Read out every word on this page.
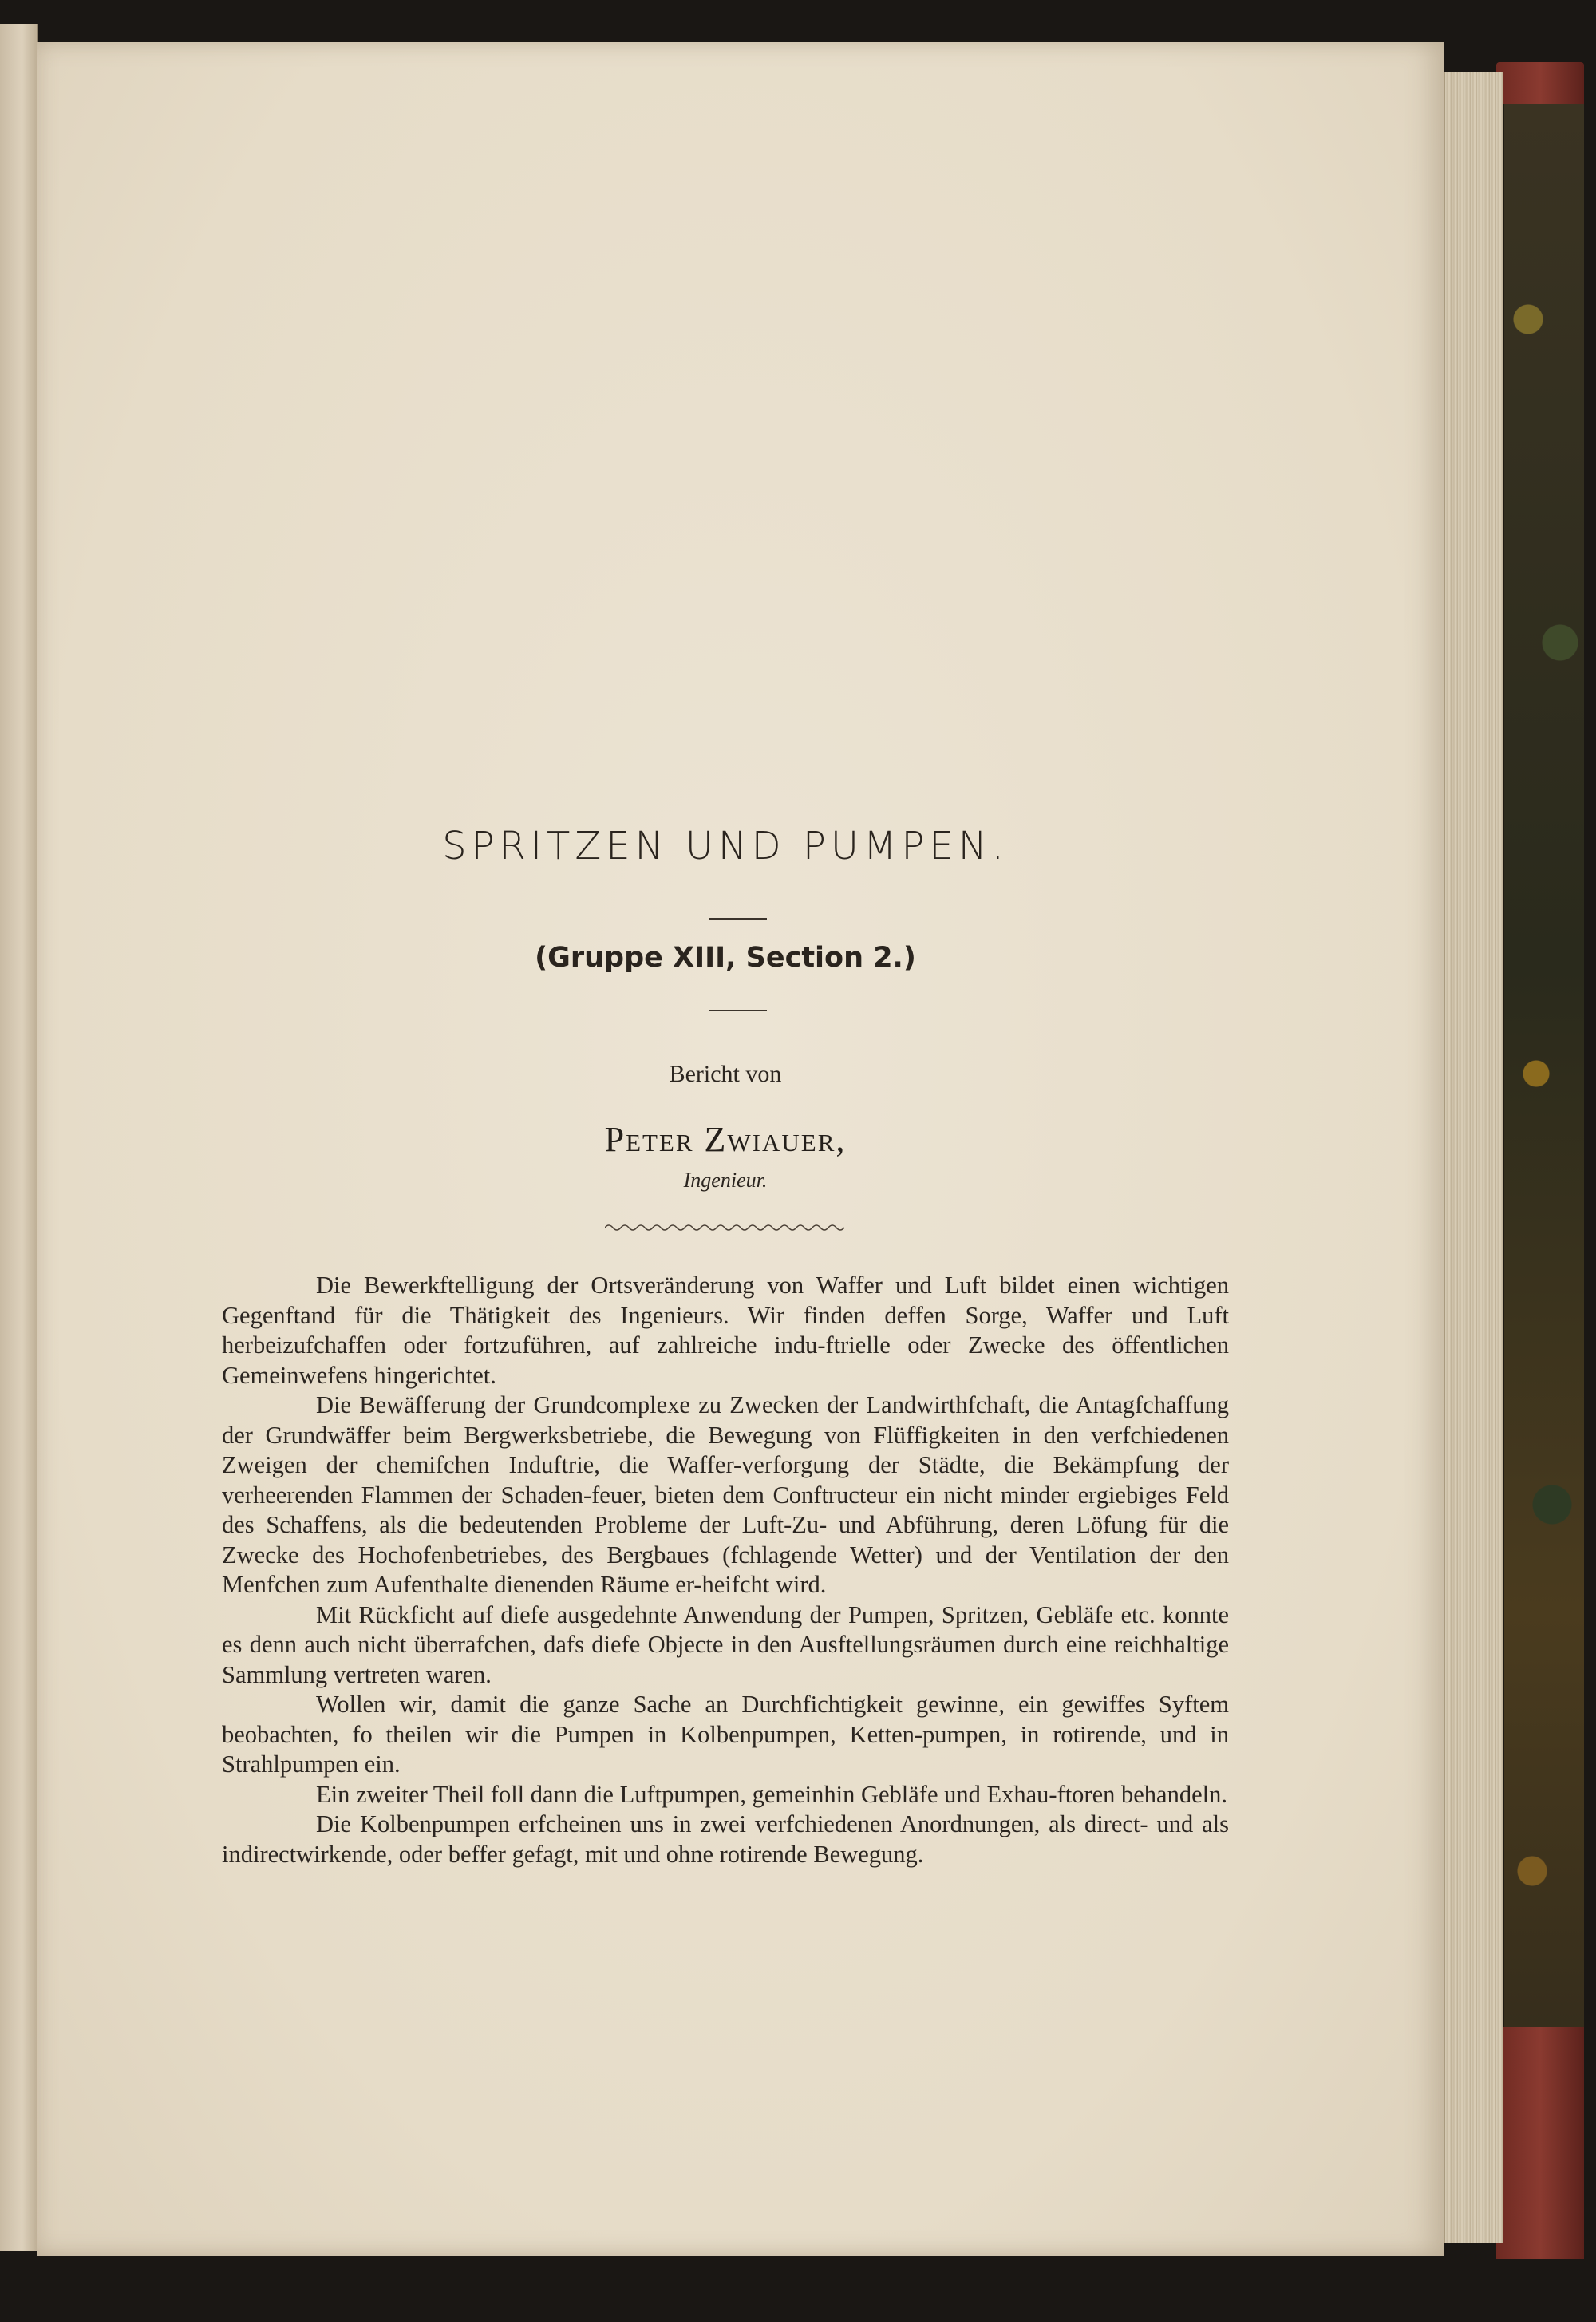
SPRITZEN UND PUMPEN.
(Gruppe XIII, Section 2.)
Bericht von
Peter Zwiauer,
Ingenieur.

Die Bewerkftelligung der Ortsveränderung von Waffer und Luft bildet einen wichtigen Gegenftand für die Thätigkeit des Ingenieurs. Wir finden deffen Sorge, Waffer und Luft herbeizufchaffen oder fortzuführen, auf zahlreiche indu-ftrielle oder Zwecke des öffentlichen Gemeinwefens hingerichtet.

Die Bewäfferung der Grundcomplexe zu Zwecken der Landwirthfchaft, die Antagfchaffung der Grundwäffer beim Bergwerksbetriebe, die Bewegung von Flüffigkeiten in den verfchiedenen Zweigen der chemifchen Induftrie, die Waffer-verforgung der Städte, die Bekämpfung der verheerenden Flammen der Schaden-feuer, bieten dem Conftructeur ein nicht minder ergiebiges Feld des Schaffens, als die bedeutenden Probleme der Luft-Zu- und Abführung, deren Löfung für die Zwecke des Hochofenbetriebes, des Bergbaues (fchlagende Wetter) und der Ventilation der den Menfchen zum Aufenthalte dienenden Räume er-heifcht wird.

Mit Rückficht auf diefe ausgedehnte Anwendung der Pumpen, Spritzen, Gebläfe etc. konnte es denn auch nicht überrafchen, dafs diefe Objecte in den Ausftellungsräumen durch eine reichhaltige Sammlung vertreten waren.

Wollen wir, damit die ganze Sache an Durchfichtigkeit gewinne, ein gewiffes Syftem beobachten, fo theilen wir die Pumpen in Kolbenpumpen, Ketten-pumpen, in rotirende, und in Strahlpumpen ein.

Ein zweiter Theil foll dann die Luftpumpen, gemeinhin Gebläfe und Exhau-ftoren behandeln.

Die Kolbenpumpen erfcheinen uns in zwei verfchiedenen Anordnungen, als direct- und als indirectwirkende, oder beffer gefagt, mit und ohne rotirende Bewegung.
